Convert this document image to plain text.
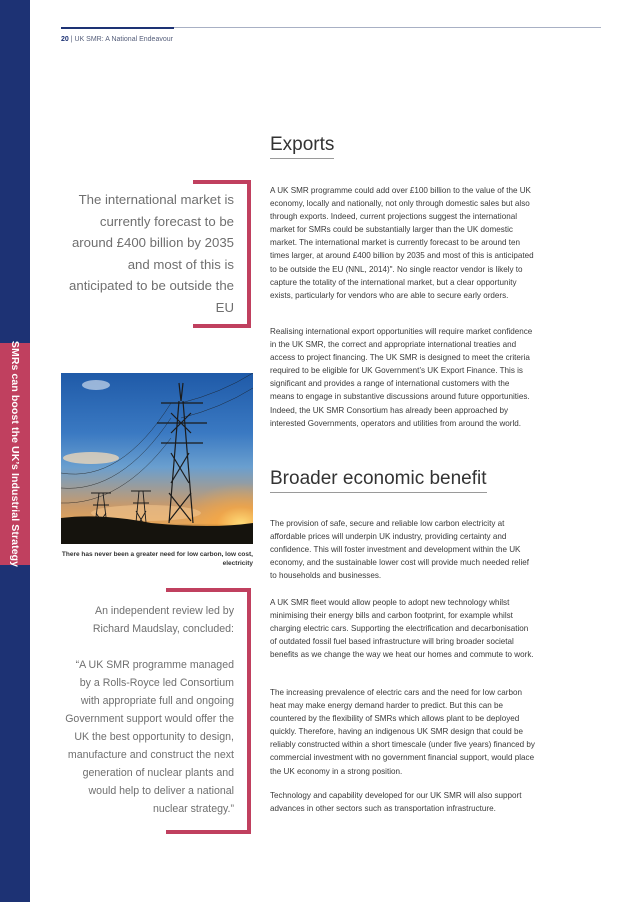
SMRs can boost the UK’s Industrial Strategy
20 | UK SMR: A National Endeavour
Exports

A UK SMR programme could add over £100 billion to the value of the UK economy, locally and nationally, not only through domestic sales but also through exports. Indeed, current projections suggest the international market for SMRs could be substantially larger than the UK domestic market. The international market is currently forecast to be around ten times larger, at around £400 billion by 2035 and most of this is anticipated to be outside the EU (NNL, 2014)". No single reactor vendor is likely to capture the totality of the international market, but a clear opportunity exists, particularly for vendors who are able to secure early orders.

Realising international export opportunities will require market confidence in the UK SMR, the correct and appropriate international treaties and access to project financing. The UK SMR is designed to meet the criteria required to be eligible for UK Government’s UK Export Finance. This is significant and provides a range of international customers with the means to engage in substantive discussions around future opportunities. Indeed, the UK SMR Consortium has already been approached by interested Governments, operators and utilities from around the world.

Broader economic benefit

The provision of safe, secure and reliable low carbon electricity at affordable prices will underpin UK industry, providing certainty and confidence. This will foster investment and development within the UK economy, and the sustainable lower cost will provide much needed relief to households and businesses.

A UK SMR fleet would allow people to adopt new technology whilst minimising their energy bills and carbon footprint, for example whilst charging electric cars. Supporting the electrification and decarbonisation of outdated fossil fuel based infrastructure will bring broader societal benefits as we change the way we heat our homes and commute to work.

The increasing prevalence of electric cars and the need for low carbon heat may make energy demand harder to predict. But this can be countered by the flexibility of SMRs which allows plant to be deployed quickly. Therefore, having an indigenous UK SMR design that could be reliably constructed within a short timescale (under five years) financed by commercial investment with no government financial support, would place the UK economy in a strong position.

Technology and capability developed for our UK SMR will also support advances in other sectors such as transportation infrastructure.

The international market is currently forecast to be around £400 billion by 2035 and most of this is anticipated to be outside the EU

There has never been a greater need for low carbon, low cost, electricity

An independent review led by Richard Maudslay, concluded:

“A UK SMR programme managed by a Rolls-Royce led Consortium with appropriate full and ongoing Government support would offer the UK the best opportunity to design, manufacture and construct the next generation of nuclear plants and would help to deliver a national nuclear strategy.”
